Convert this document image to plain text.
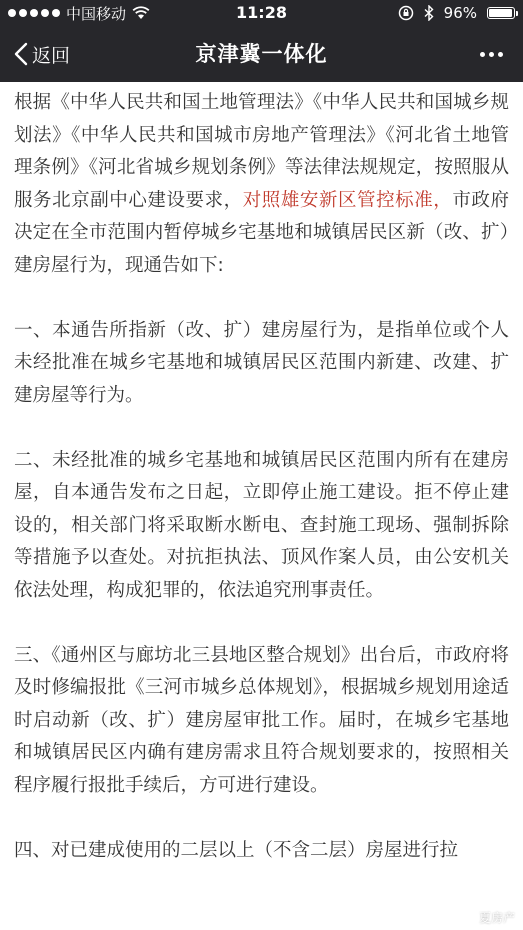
中国移动	11:28	96%
返回	京津冀一体化

根据《中华人民共和国土地管理法》《中华人民共和国城乡规划法》《中华人民共和国城市房地产管理法》《河北省土地管理条例》《河北省城乡规划条例》等法律法规规定，按照服从服务北京副中心建设要求，对照雄安新区管控标准，市政府决定在全市范围内暂停城乡宅基地和城镇居民区新（改、扩）建房屋行为，现通告如下:

一、本通告所指新（改、扩）建房屋行为，是指单位或个人未经批准在城乡宅基地和城镇居民区范围内新建、改建、扩建房屋等行为。

二、未经批准的城乡宅基地和城镇居民区范围内所有在建房屋，自本通告发布之日起，立即停止施工建设。拒不停止建设的，相关部门将采取断水断电、查封施工现场、强制拆除等措施予以查处。对抗拒执法、顶风作案人员，由公安机关依法处理，构成犯罪的，依法追究刑事责任。

三、《通州区与廊坊北三县地区整合规划》出台后，市政府将及时修编报批《三河市城乡总体规划》，根据城乡规划用途适时启动新（改、扩）建房屋审批工作。届时，在城乡宅基地和城镇居民区内确有建房需求且符合规划要求的，按照相关程序履行报批手续后，方可进行建设。

四、对已建成使用的二层以上（不含二层）房屋进行拉

夏房产
